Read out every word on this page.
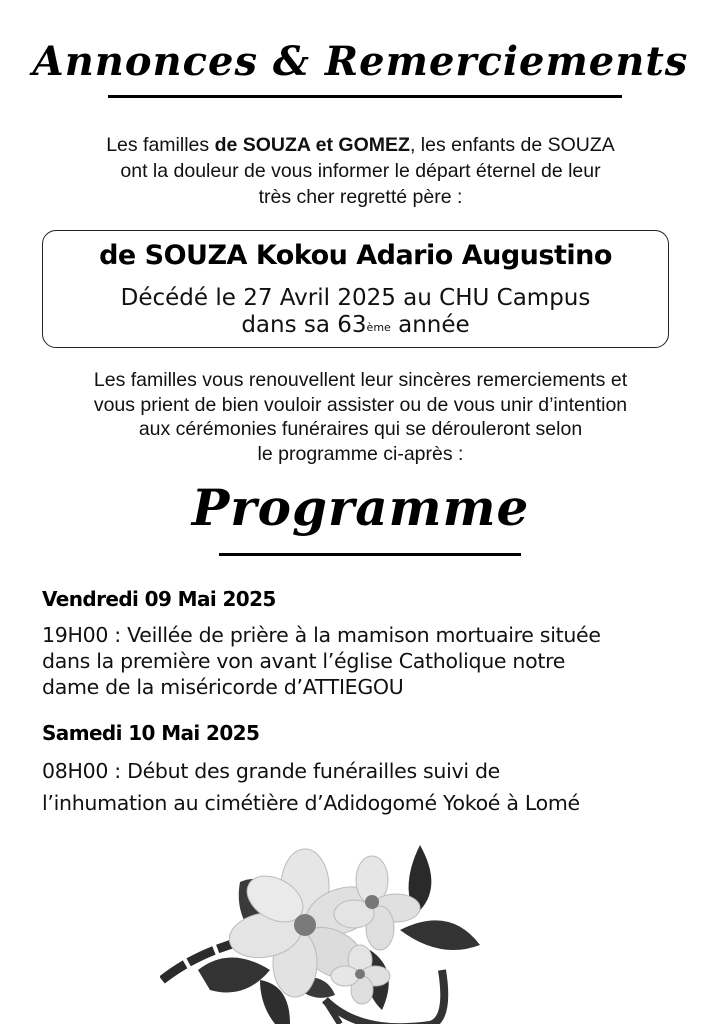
Annonces & Remerciements
Les familles de SOUZA et GOMEZ, les enfants de SOUZA
ont la douleur de vous informer le départ éternel de leur
très cher regretté père :
de SOUZA Kokou Adario Augustino
Décédé le 27 Avril 2025 au CHU Campus
dans sa 63ème année
Les familles vous renouvellent leur sincères remerciements et
vous prient de bien vouloir assister ou de vous unir d’intention
aux cérémonies funéraires qui se dérouleront selon
le programme ci-après :
Programme
Vendredi 09 Mai 2025
19H00 : Veillée de prière à la mamison mortuaire située
dans la première von avant l’église Catholique notre
dame de la miséricorde d’ATTIEGOU
Samedi 10 Mai 2025
08H00 : Début des grande funérailles suivi de
l’inhumation au cimétière d’Adidogomé Yokoé à Lomé
